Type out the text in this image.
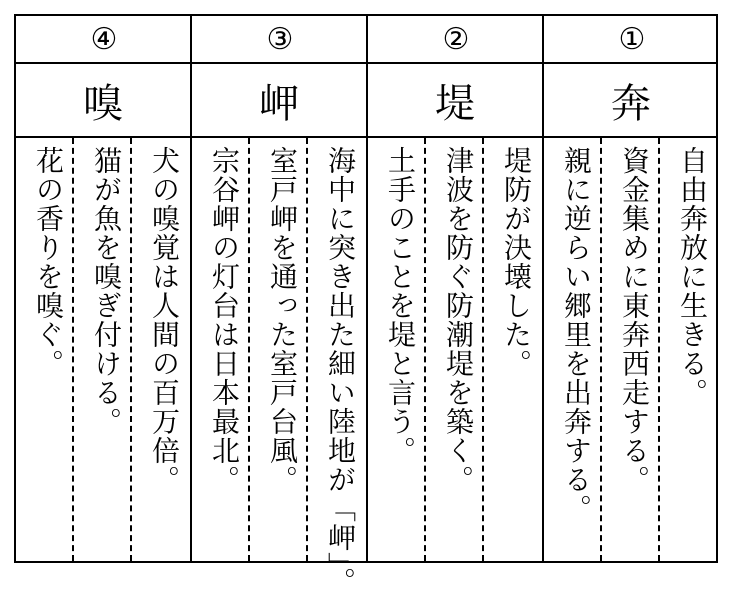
④
嗅
犬の嗅覚は人間の百万倍。
猫が魚を嗅ぎ付ける。
花の香りを嗅ぐ。
③
岬
海中に突き出た細い陸地が「岬」。
室戸岬を通った室戸台風。
宗谷岬の灯台は日本最北。
②
堤
堤防が決壊した。
津波を防ぐ防潮堤を築く。
土手のことを堤と言う。
①
奔
自由奔放に生きる。
資金集めに東奔西走する。
親に逆らい郷里を出奔する。
